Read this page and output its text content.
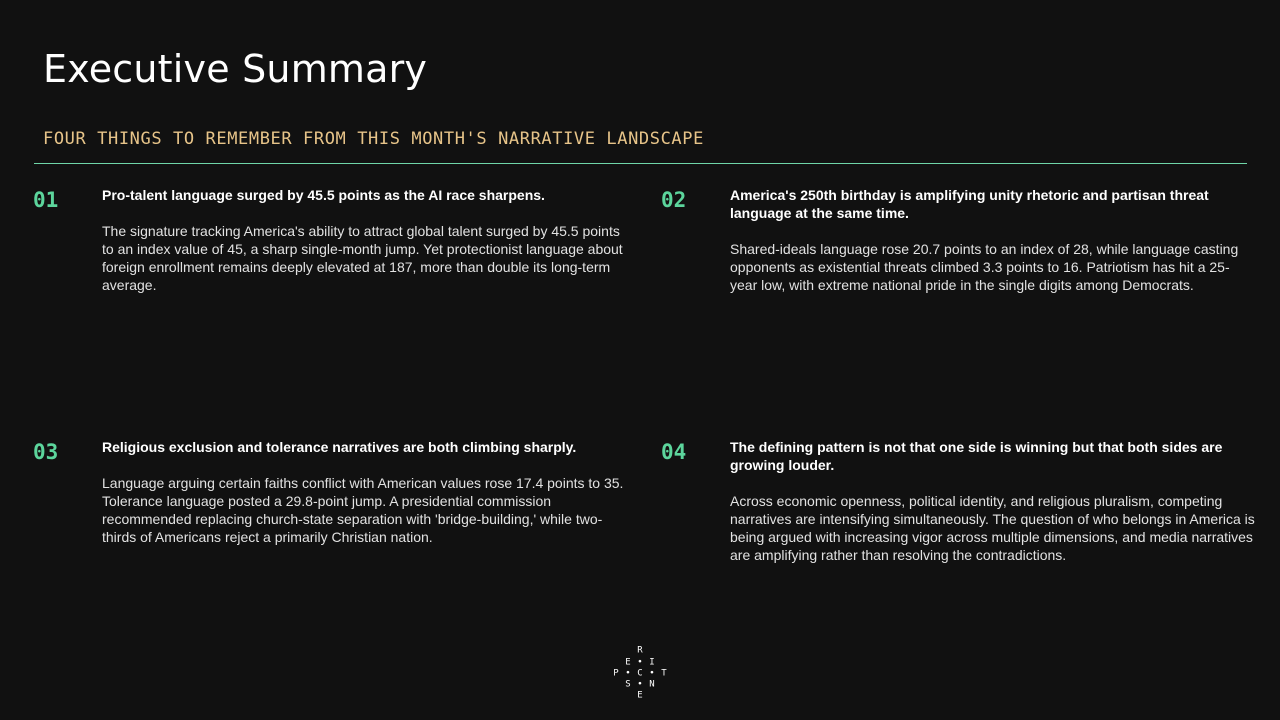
Executive Summary
FOUR THINGS TO REMEMBER FROM THIS MONTH'S NARRATIVE LANDSCAPE
01	Pro-talent language surged by 45.5 points as the AI race sharpens.

The signature tracking America's ability to attract global talent surged by 45.5 points to an index value of 45, a sharp single-month jump. Yet protectionist language about foreign enrollment remains deeply elevated at 187, more than double its long-term average.

02	America's 250th birthday is amplifying unity rhetoric and partisan threat language at the same time.

Shared-ideals language rose 20.7 points to an index of 28, while language casting opponents as existential threats climbed 3.3 points to 16. Patriotism has hit a 25-year low, with extreme national pride in the single digits among Democrats.

03	Religious exclusion and tolerance narratives are both climbing sharply.

Language arguing certain faiths conflict with American values rose 17.4 points to 35. Tolerance language posted a 29.8-point jump. A presidential commission recommended replacing church-state separation with 'bridge-building,' while two-thirds of Americans reject a primarily Christian nation.

04	The defining pattern is not that one side is winning but that both sides are growing louder.

Across economic openness, political identity, and religious pluralism, competing narratives are intensifying simultaneously. The question of who belongs in America is being argued with increasing vigor across multiple dimensions, and media narratives are amplifying rather than resolving the contradictions.

R
E • I
P • C • T
S • N
E
